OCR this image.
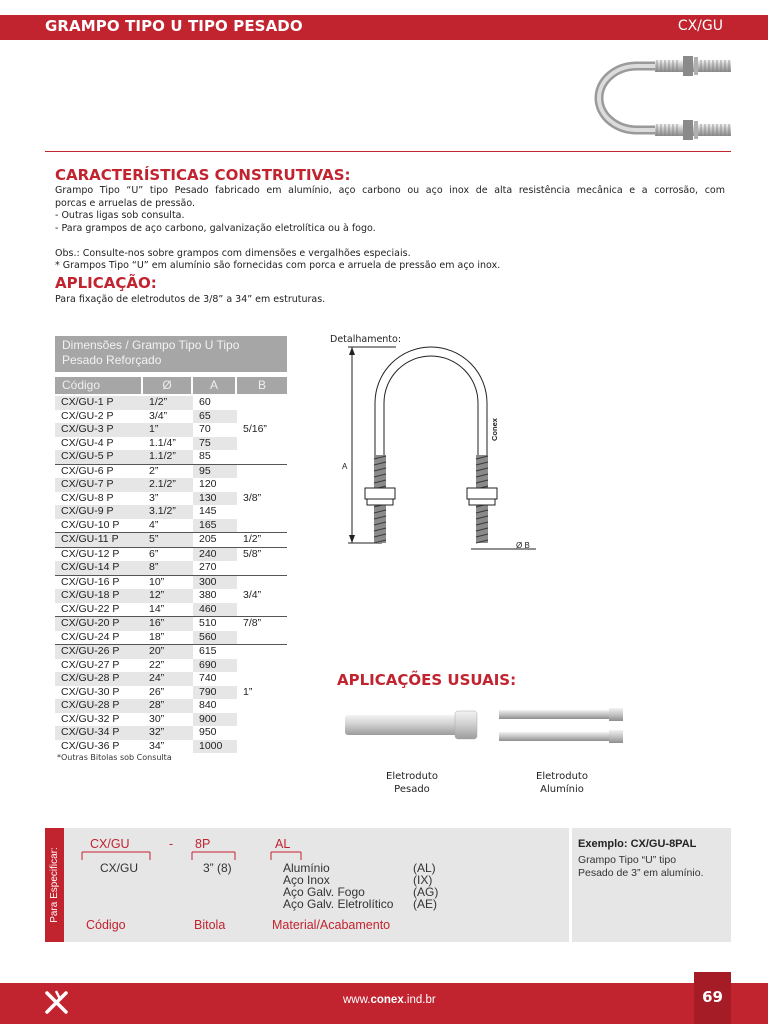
GRAMPO TIPO U TIPO PESADO	CX/GU
CARACTERÍSTICAS CONSTRUTIVAS:
Grampo Tipo “U” tipo Pesado fabricado em alumínio, aço carbono ou aço inox de alta resistência mecânica e a corrosão, com
porcas e arruelas de pressão.
- Outras ligas sob consulta.
- Para grampos de aço carbono, galvanização eletrolítica ou à fogo.
Obs.: Consulte-nos sobre grampos com dimensões e vergalhões especiais.
* Grampos Tipo “U” em alumínio são fornecidas com porca e arruela de pressão em aço inox.
APLICAÇÃO:
Para fixação de eletrodutos de 3/8” a 34” em estruturas.
Dimensões / Grampo Tipo U Tipo Pesado Reforçado
Código	Ø	A	B
CX/GU-1 P	1/2”	60	
CX/GU-2 P	3/4”	65	
CX/GU-3 P	1”	70	5/16”
CX/GU-4 P	1.1/4”	75	
CX/GU-5 P	1.1/2”	85	
CX/GU-6 P	2”	95	
CX/GU-7 P	2.1/2”	120	
CX/GU-8 P	3”	130	3/8”
CX/GU-9 P	3.1/2”	145	
CX/GU-10 P	4”	165	
CX/GU-11 P	5”	205	1/2”
CX/GU-12 P	6”	240	5/8”
CX/GU-14 P	8”	270	
CX/GU-16 P	10”	300	
CX/GU-18 P	12”	380	3/4”
CX/GU-22 P	14”	460	
CX/GU-20 P	16”	510	7/8”
CX/GU-24 P	18”	560	
CX/GU-26 P	20”	615	
CX/GU-27 P	22”	690	
CX/GU-28 P	24”	740	
CX/GU-30 P	26”	790	1”
CX/GU-28 P	28”	840	
CX/GU-32 P	30”	900	
CX/GU-34 P	32”	950	
CX/GU-36 P	34”	1000	
*Outras Bitolas sob Consulta
Detalhamento:
A
Ø B
Conex
APLICAÇÕES USUAIS:
Eletroduto
Pesado
Eletroduto
Alumínio
Para Especificar:
CX/GU	- 8P	AL
CX/GU	3” (8)	Alumínio	(AL)
Aço Inox	(IX)
Aço Galv. Fogo	(AG)
Aço Galv. Eletrolítico (AE)
Código	Bitola	Material/Acabamento
Exemplo: CX/GU-8PAL
Grampo Tipo “U” tipo
Pesado de 3” em alumínio.
www.conex.ind.br	69
